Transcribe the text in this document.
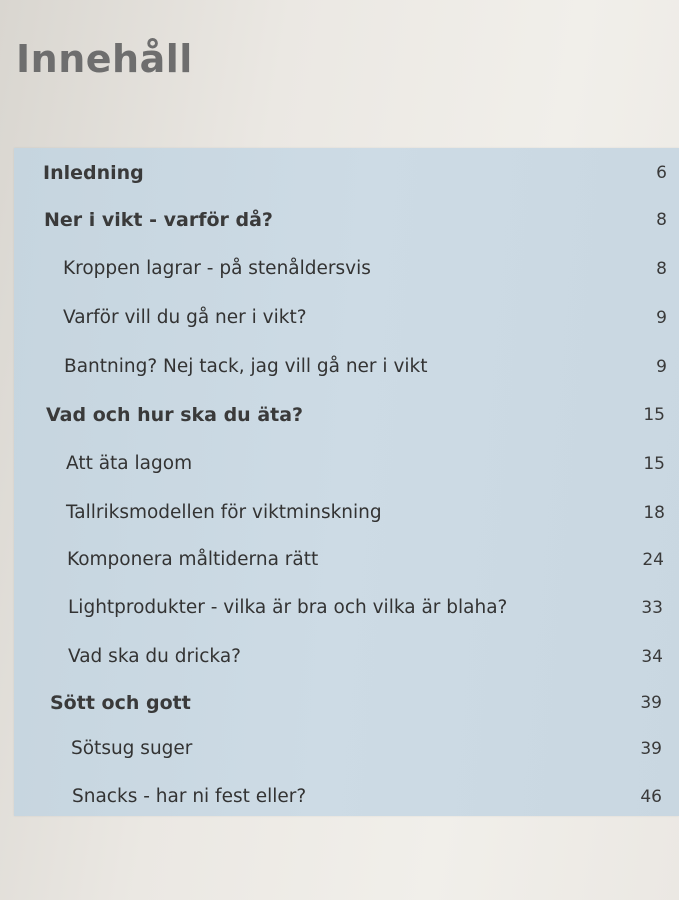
Innehåll
Inledning	6
Ner i vikt - varför då?	8
Kroppen lagrar - på stenåldersvis	8
Varför vill du gå ner i vikt?	9
Bantning? Nej tack, jag vill gå ner i vikt	9
Vad och hur ska du äta?	15
Att äta lagom	15
Tallriksmodellen för viktminskning	18
Komponera måltiderna rätt	24
Lightprodukter - vilka är bra och vilka är blaha?	33
Vad ska du dricka?	34
Sött och gott	39
Sötsug suger	39
Snacks - har ni fest eller?	46
